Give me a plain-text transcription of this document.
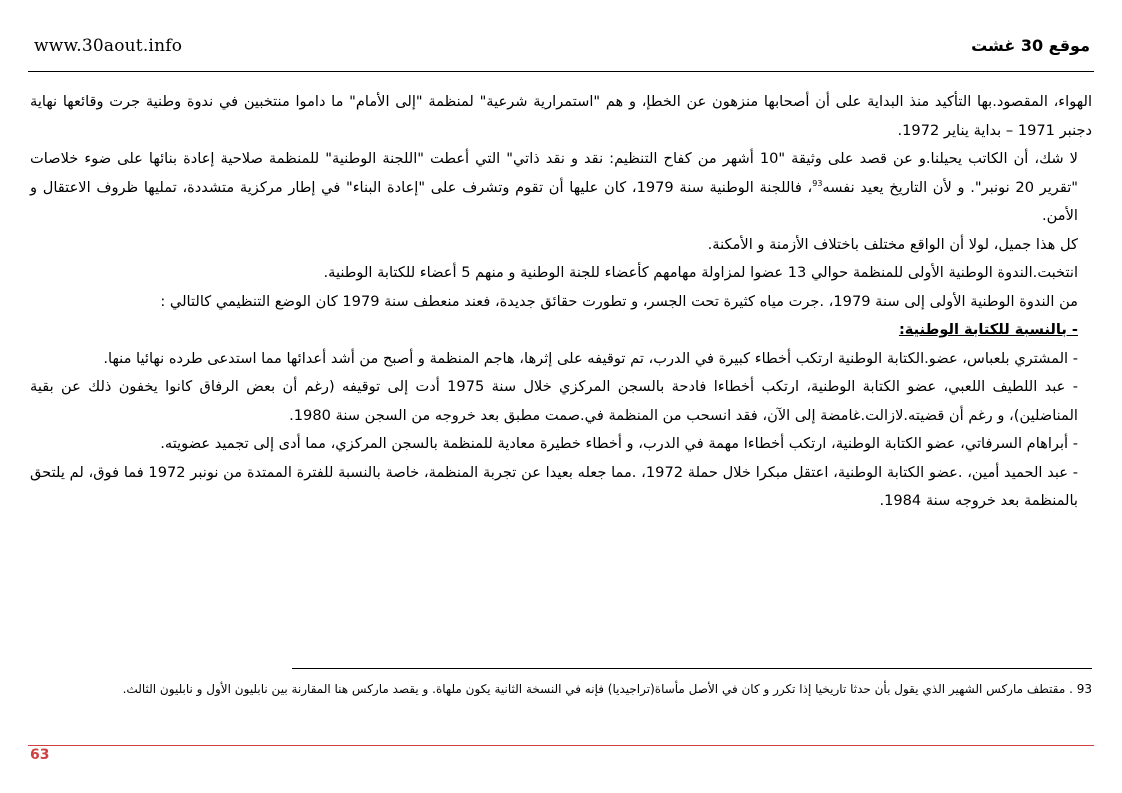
www.30aout.info	موقع 30 غشت

الهواء، المقصود.بها التأكيد منذ البداية على أن أصحابها منزهون عن الخطإ، و هم "استمرارية شرعية" لمنظمة "إلى الأمام" ما داموا منتخبين في ندوة وطنية جرت وقائعها نهاية دجنبر 1971 – بداية يناير 1972.

لا شك، أن الكاتب يحيلنا.و عن قصد على وثيقة "10 أشهر من كفاح التنظيم: نقد و نقد ذاتي" التي أعطت "اللجنة الوطنية" للمنظمة صلاحية إعادة بنائها على ضوء خلاصات "تقرير 20 نونبر". و لأن التاريخ يعيد نفسه$^{93}$، فاللجنة الوطنية سنة 1979، كان عليها أن تقوم وتشرف على "إعادة البناء" في إطار مركزية متشددة، تمليها ظروف الاعتقال و الأمن.

كل هذا جميل، لولا أن الواقع مختلف باختلاف الأزمنة و الأمكنة.

انتخبت.الندوة الوطنية الأولى للمنظمة حوالي 13 عضوا لمزاولة مهامهم كأعضاء للجنة الوطنية و منهم 5 أعضاء للكتابة الوطنية.

من الندوة الوطنية الأولى إلى سنة 1979، .جرت مياه كثيرة تحت الجسر، و تطورت حقائق جديدة، فعند منعطف سنة 1979 كان الوضع التنظيمي كالتالي :

- بالنسبة للكتابة الوطنية:

- المشتري بلعباس، عضو.الكتابة الوطنية ارتكب أخطاء كبيرة في الدرب، تم توقيفه على إثرها، هاجم المنظمة و أصبح من أشد أعدائها مما استدعى طرده نهائيا منها.

- عبد اللطيف اللعبي، عضو الكتابة الوطنية، ارتكب أخطاءا فادحة بالسجن المركزي خلال سنة 1975 أدت إلى توقيفه (رغم أن بعض الرفاق كانوا يخفون ذلك عن بقية المناضلين)، و رغم أن قضيته.لازالت.غامضة إلى الآن، فقد انسحب من المنظمة في.صمت مطبق بعد خروجه من السجن سنة 1980.

- أبراهام السرفاتي، عضو الكتابة الوطنية، ارتكب أخطاءا مهمة في الدرب، و أخطاء خطيرة معادية للمنظمة بالسجن المركزي، مما أدى إلى تجميد عضويته.

- عبد الحميد أمين، .عضو الكتابة الوطنية، اعتقل مبكرا خلال حملة 1972، .مما جعله بعيدا عن تجربة المنظمة، خاصة بالنسبة للفترة الممتدة من نونبر 1972 فما فوق، لم يلتحق بالمنظمة بعد خروجه سنة 1984.

93 . مقتطف ماركس الشهير الذي يقول بأن حدثا تاريخيا إذا تكرر و كان في الأصل مأساة(تراجيديا) فإنه في النسخة الثانية يكون ملهاة. و يقصد ماركس هنا المقارنة بين نابليون الأول و نابليون الثالث.
63
